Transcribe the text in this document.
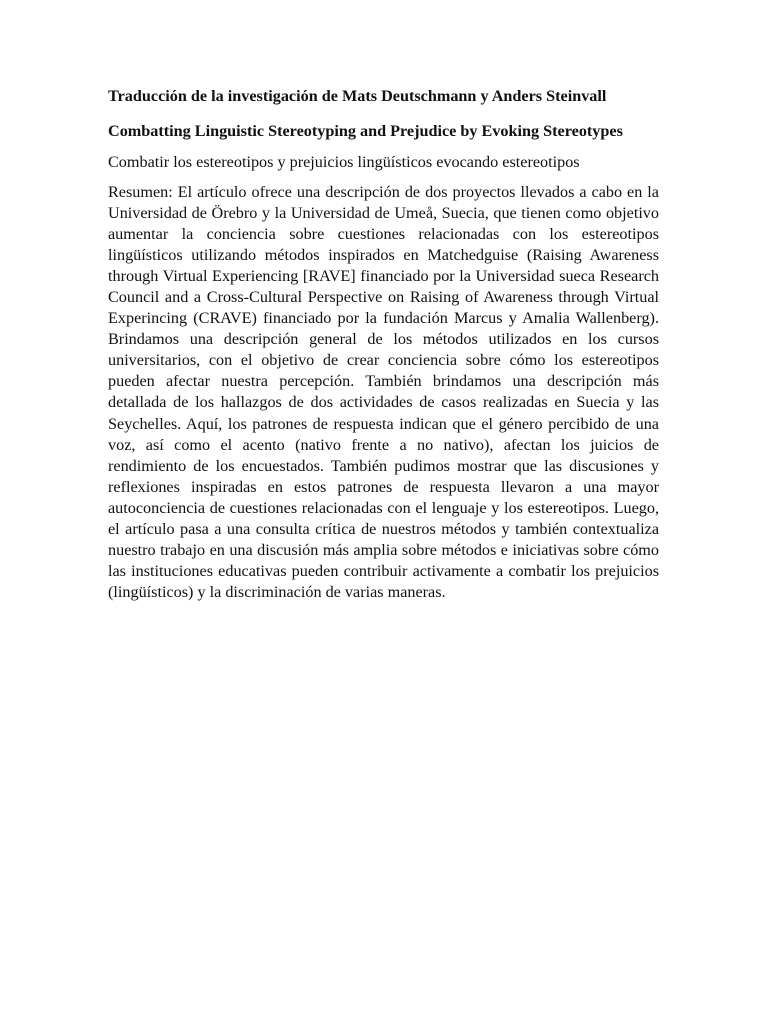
Traducción de la investigación de Mats Deutschmann y Anders Steinvall

Combatting Linguistic Stereotyping and Prejudice by Evoking Stereotypes

Combatir los estereotipos y prejuicios lingüísticos evocando estereotipos

Resumen: El artículo ofrece una descripción de dos proyectos llevados a cabo en la Universidad de Örebro y la Universidad de Umeå, Suecia, que tienen como objetivo aumentar la conciencia sobre cuestiones relacionadas con los estereotipos lingüísticos utilizando métodos inspirados en Matchedguise (Raising Awareness through Virtual Experiencing [RAVE] financiado por la Universidad sueca Research Council and a Cross-Cultural Perspective on Raising of Awareness through Virtual Experincing (CRAVE) financiado por la fundación Marcus y Amalia Wallenberg). Brindamos una descripción general de los métodos utilizados en los cursos universitarios, con el objetivo de crear conciencia sobre cómo los estereotipos pueden afectar nuestra percepción. También brindamos una descripción más detallada de los hallazgos de dos actividades de casos realizadas en Suecia y las Seychelles. Aquí, los patrones de respuesta indican que el género percibido de una voz, así como el acento (nativo frente a no nativo), afectan los juicios de rendimiento de los encuestados. También pudimos mostrar que las discusiones y reflexiones inspiradas en estos patrones de respuesta llevaron a una mayor autoconciencia de cuestiones relacionadas con el lenguaje y los estereotipos. Luego, el artículo pasa a una consulta crítica de nuestros métodos y también contextualiza nuestro trabajo en una discusión más amplia sobre métodos e iniciativas sobre cómo las instituciones educativas pueden contribuir activamente a combatir los prejuicios (lingüísticos) y la discriminación de varias maneras.
